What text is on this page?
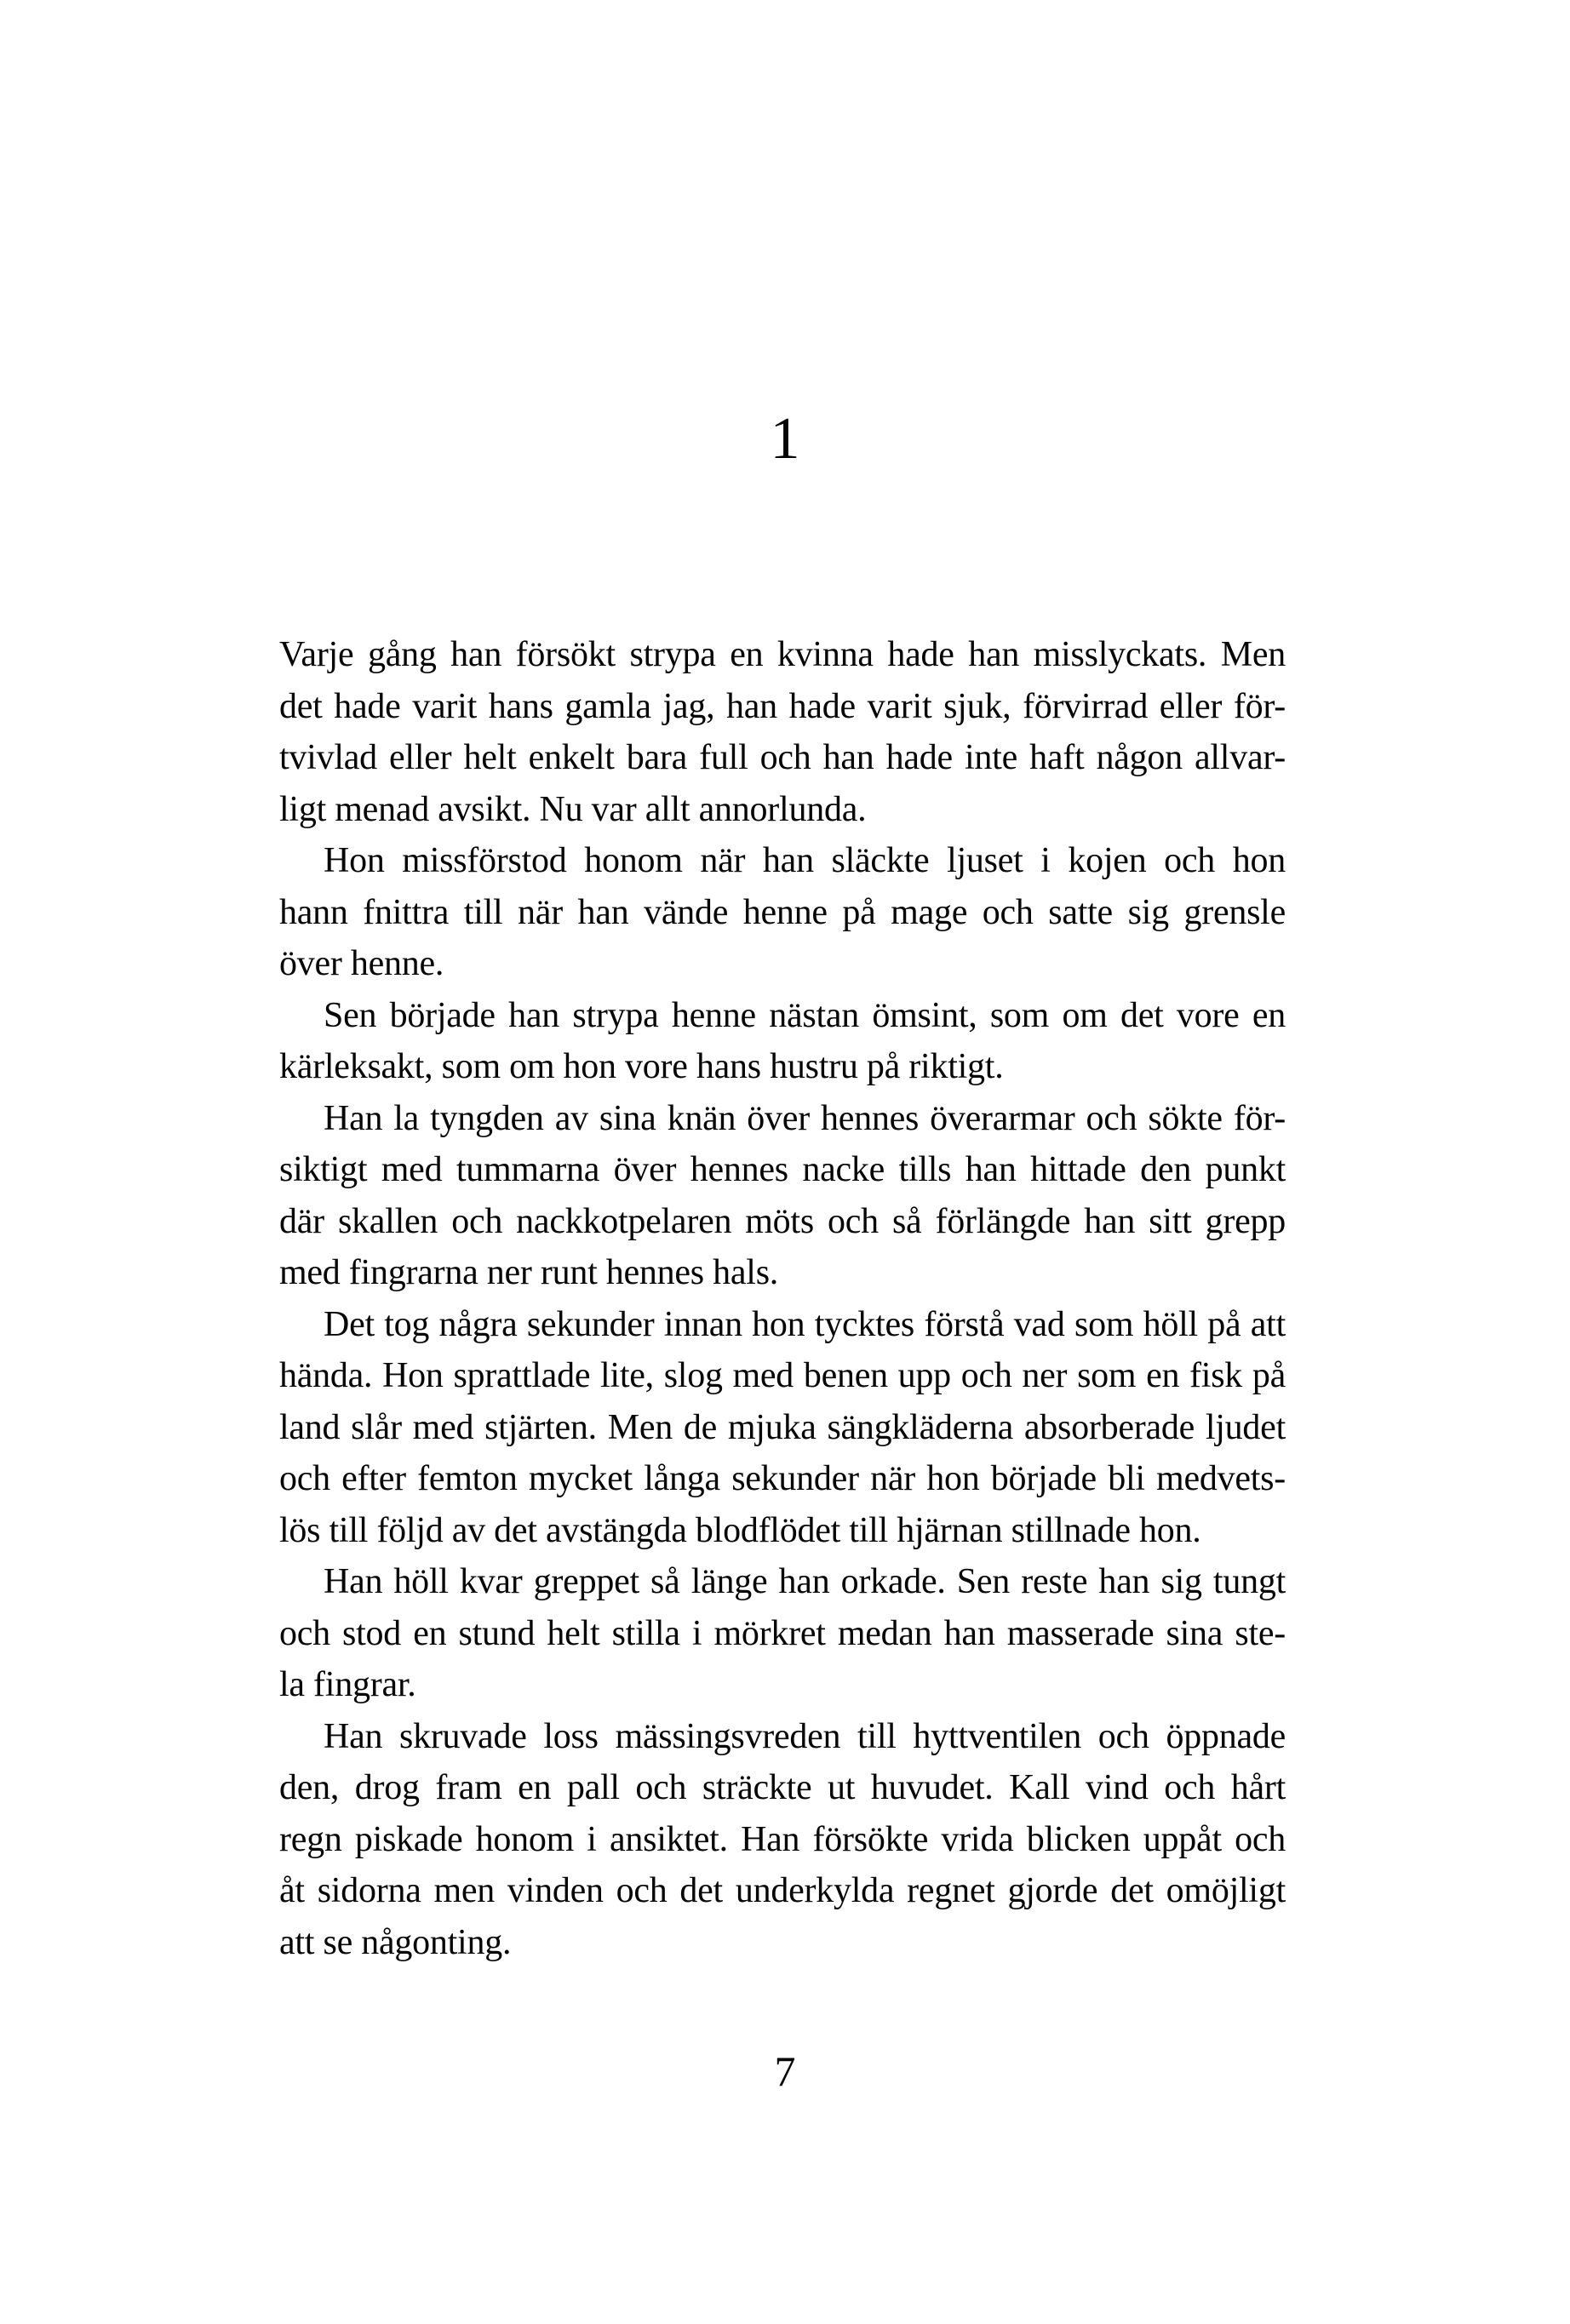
1
Varje gång han försökt strypa en kvinna hade han misslyckats. Men
det hade varit hans gamla jag, han hade varit sjuk, förvirrad eller för-
tvivlad eller helt enkelt bara full och han hade inte haft någon allvar-
ligt menad avsikt. Nu var allt annorlunda.
Hon missförstod honom när han släckte ljuset i kojen och hon
hann fnittra till när han vände henne på mage och satte sig grensle
över henne.
Sen började han strypa henne nästan ömsint, som om det vore en
kärleksakt, som om hon vore hans hustru på riktigt.
Han la tyngden av sina knän över hennes överarmar och sökte för-
siktigt med tummarna över hennes nacke tills han hittade den punkt
där skallen och nackkotpelaren möts och så förlängde han sitt grepp
med fingrarna ner runt hennes hals.
Det tog några sekunder innan hon tycktes förstå vad som höll på att
hända. Hon sprattlade lite, slog med benen upp och ner som en fisk på
land slår med stjärten. Men de mjuka sängkläderna absorberade ljudet
och efter femton mycket långa sekunder när hon började bli medvets-
lös till följd av det avstängda blodflödet till hjärnan stillnade hon.
Han höll kvar greppet så länge han orkade. Sen reste han sig tungt
och stod en stund helt stilla i mörkret medan han masserade sina ste-
la fingrar.
Han skruvade loss mässingsvreden till hyttventilen och öppnade
den, drog fram en pall och sträckte ut huvudet. Kall vind och hårt
regn piskade honom i ansiktet. Han försökte vrida blicken uppåt och
åt sidorna men vinden och det underkylda regnet gjorde det omöjligt
att se någonting.
7
